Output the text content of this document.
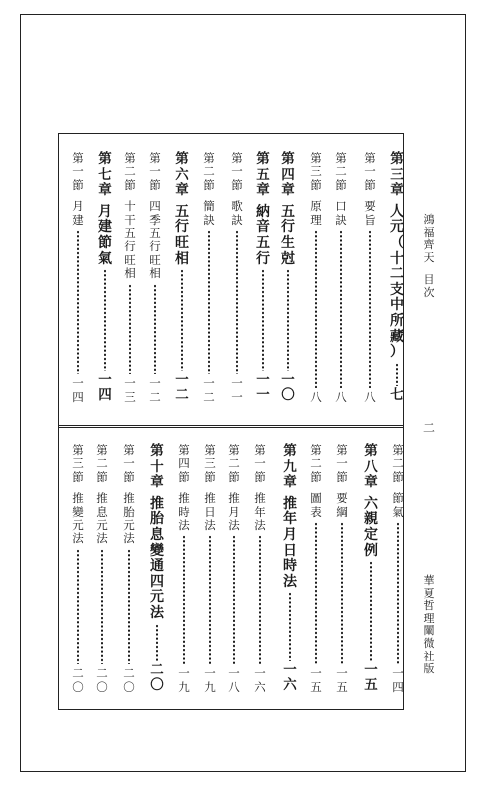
鴻
福
齊
天
目
次
二
華
夏
哲
理
闡
微
社
版
第
三
章
人
元
（
十
二
支
中
所
藏
）
七
第
一
節
要
旨
八
第
二
節
口
訣
八
第
三
節
原
理
八
第
四
章
五
行
生
尅
一
〇
第
五
章
納
音
五
行
一
一
第
一
節
歌
訣
一
一
第
二
節
簡
訣
一
二
第
六
章
五
行
旺
相
一
二
第
一
節
四
季
五
行
旺
相
一
二
第
二
節
十
干
五
行
旺
相
一
三
第
七
章
月
建
節
氣
一
四
第
一
節
月
建
一
四
第
二
節
節
氣
一
四
第
八
章
六
親
定
例
一
五
第
一
節
要
綱
一
五
第
二
節
圖
表
一
五
第
九
章
推
年
月
日
時
法
一
六
第
一
節
推
年
法
一
六
第
二
節
推
月
法
一
八
第
三
節
推
日
法
一
九
第
四
節
推
時
法
一
九
第
十
章
推
胎
息
變
通
四
元
法
二
〇
第
一
節
推
胎
元
法
二
〇
第
二
節
推
息
元
法
二
〇
第
三
節
推
變
元
法
二
〇
